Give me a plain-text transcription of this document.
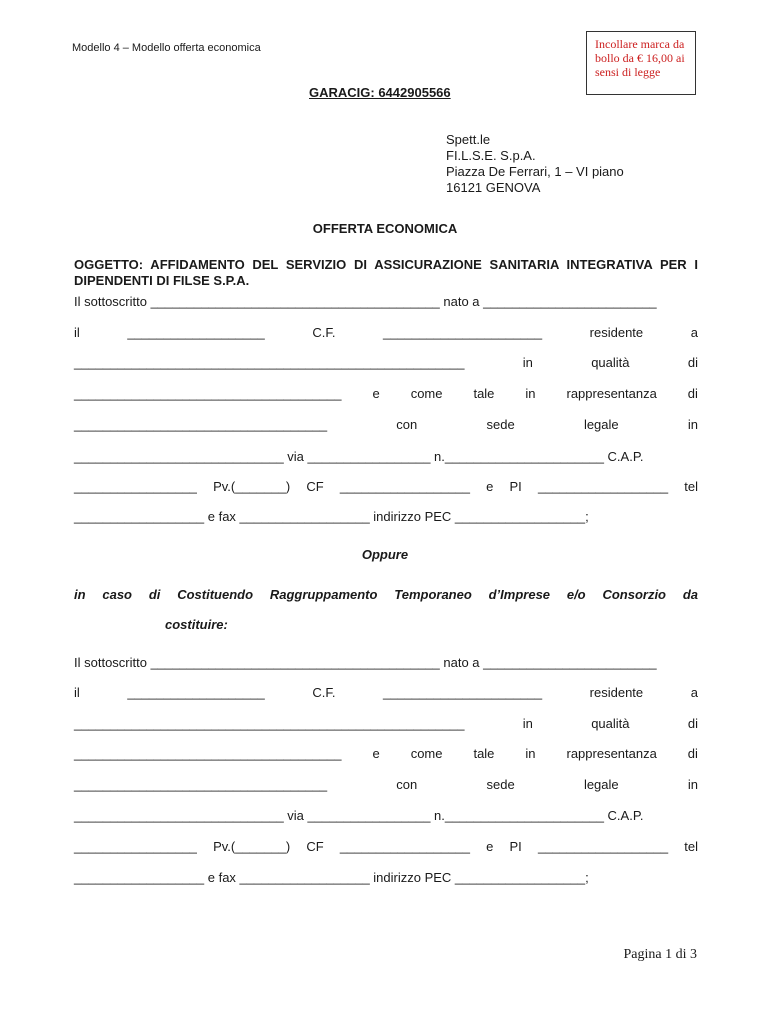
Modello 4 – Modello offerta economica	Incollare marca da bollo da € 16,00 ai sensi di legge
GARACIG: 6442905566
Spett.le
FI.L.S.E. S.p.A.
Piazza De Ferrari, 1 – VI piano
16121 GENOVA
OFFERTA ECONOMICA
OGGETTO: AFFIDAMENTO DEL SERVIZIO DI ASSICURAZIONE SANITARIA INTEGRATIVA PER I DIPENDENTI DI FILSE S.P.A.
Il sottoscritto ________________________________________ nato a ________________________
il	___________________	C.F.	______________________	residente	a
______________________________________________________	in	qualità	di
_____________________________________ e come tale in rappresentanza di
___________________________________	con	sede	legale	in
_____________________________ via _________________ n.______________________ C.A.P.
_________________ Pv.(_______) CF __________________ e PI __________________ tel
__________________ e fax __________________ indirizzo PEC __________________;
Oppure
in caso di Costituendo Raggruppamento Temporaneo d’Imprese e/o Consorzio da
costituire:
Il sottoscritto ________________________________________ nato a ________________________
il	___________________	C.F.	______________________	residente	a
______________________________________________________	in	qualità	di
_____________________________________ e come tale in rappresentanza di
___________________________________	con	sede	legale	in
_____________________________ via _________________ n.______________________ C.A.P.
_________________ Pv.(_______) CF __________________ e PI __________________ tel
__________________ e fax __________________ indirizzo PEC __________________;
Pagina 1 di 3
